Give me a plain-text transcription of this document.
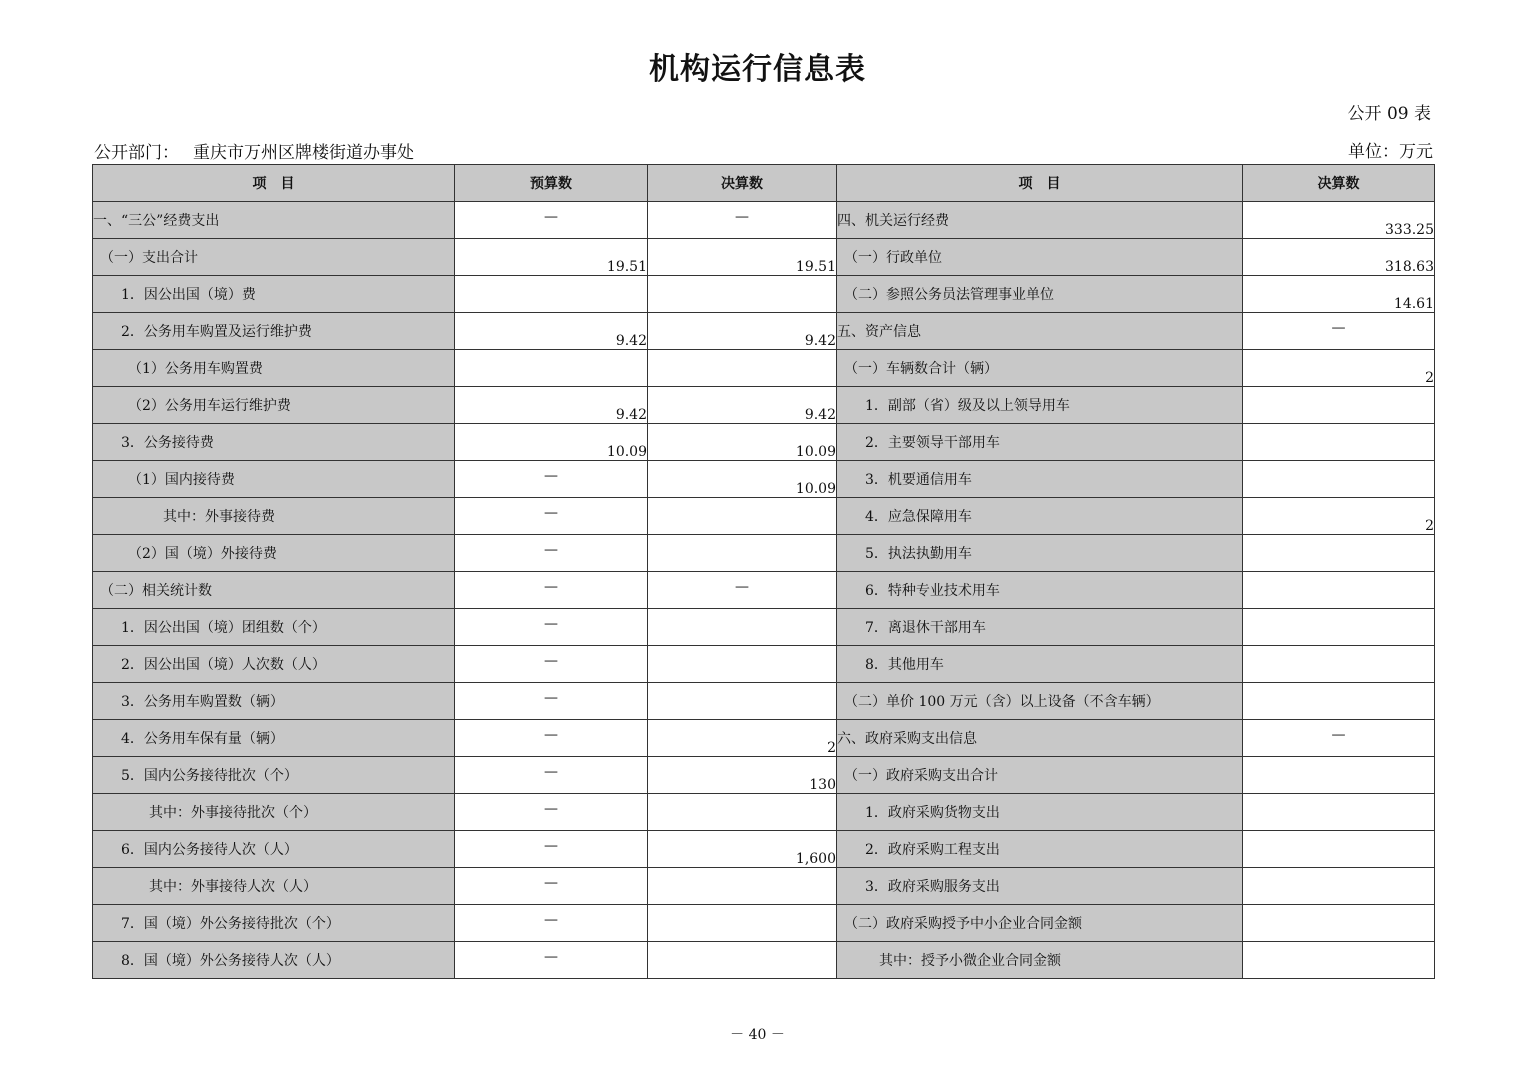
机构运行信息表
公开 09 表
公开部门： 重庆市万州区牌楼街道办事处	单位：万元
项　目	预算数	决算数	项　目	决算数
一、“三公”经费支出	—	—	四、机关运行经费	333.25
　（一）支出合计	19.51	19.51	　（一）行政单位	318.63
　　1．因公出国（境）费			　（二）参照公务员法管理事业单位	14.61
　　2．公务用车购置及运行维护费	9.42	9.42	五、资产信息	—
　　　（1）公务用车购置费			　（一）车辆数合计（辆）	2
　　　（2）公务用车运行维护费	9.42	9.42	　　1．副部（省）级及以上领导用车	
　　3．公务接待费	10.09	10.09	　　2．主要领导干部用车	
　　　（1）国内接待费	—	10.09	　　3．机要通信用车	
　　　　　其中：外事接待费	—		　　4．应急保障用车	2
　　　（2）国（境）外接待费	—		　　5．执法执勤用车	
　（二）相关统计数	—	—	　　6．特种专业技术用车	
　　1．因公出国（境）团组数（个）	—		　　7．离退休干部用车	
　　2．因公出国（境）人次数（人）	—		　　8．其他用车	
　　3．公务用车购置数（辆）	—		　（二）单价 100 万元（含）以上设备（不含车辆）	
　　4．公务用车保有量（辆）	—	2	六、政府采购支出信息	—
　　5．国内公务接待批次（个）	—	130	　（一）政府采购支出合计	
　　　　其中：外事接待批次（个）	—		　　1．政府采购货物支出	
　　6．国内公务接待人次（人）	—	1,600	　　2．政府采购工程支出	
　　　　其中：外事接待人次（人）	—		　　3．政府采购服务支出	
　　7．国（境）外公务接待批次（个）	—		　（二）政府采购授予中小企业合同金额	
　　8．国（境）外公务接待人次（人）	—		　　　其中：授予小微企业合同金额	
－ 40 －
